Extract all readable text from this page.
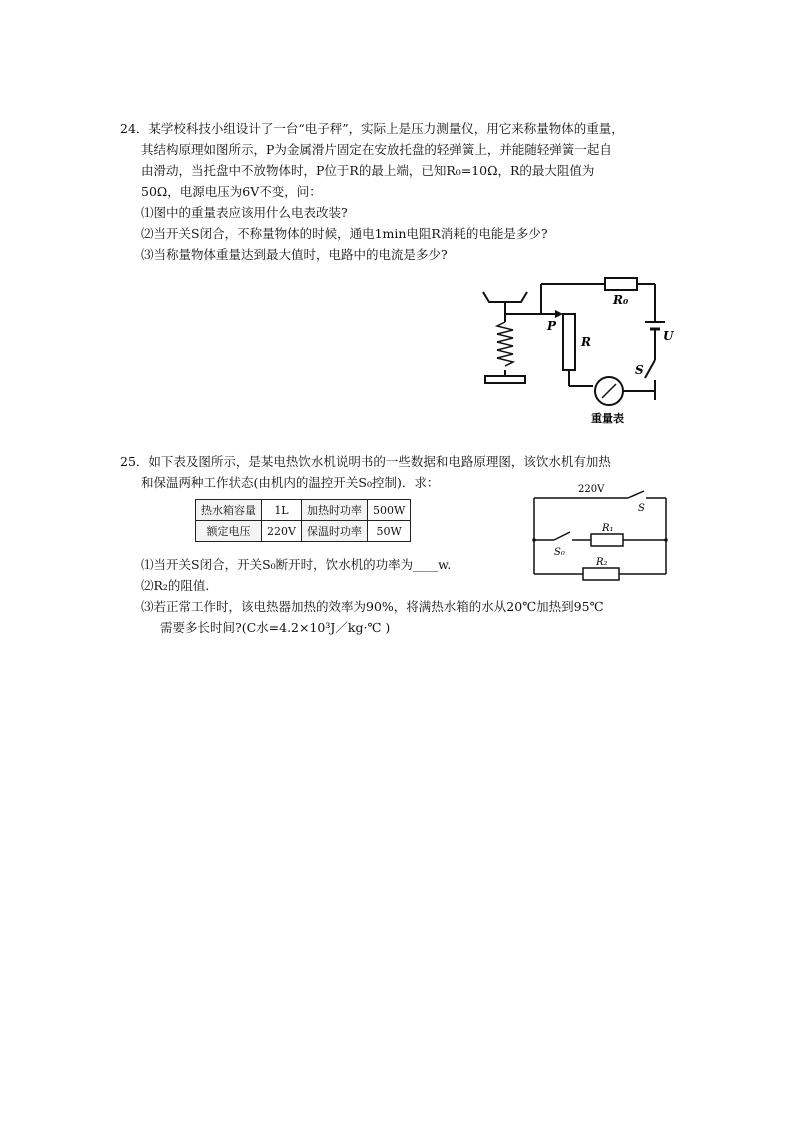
24．某学校科技小组设计了一台“电子秤”，实际上是压力测量仪，用它来称量物体的重量，
其结构原理如图所示，P为金属滑片固定在安放托盘的轻弹簧上，并能随轻弹簧一起自
由滑动，当托盘中不放物体时，P位于R的最上端，已知R₀=10Ω，R的最大阻值为
50Ω，电源电压为6V不变，问：
⑴图中的重量表应该用什么电表改装?
⑵当开关S闭合，不称量物体的时候，通电1min电阻R消耗的电能是多少?
⑶当称量物体重量达到最大值时，电路中的电流是多少?
R₀
U
P
R
S
重量表
25．如下表及图所示，是某电热饮水机说明书的一些数据和电路原理图，该饮水机有加热
和保温两种工作状态(由机内的温控开关S₀控制)．求：
热水箱容量	1L	加热时功率	500W
额定电压	220V	保温时功率	50W
⑴当开关S闭合，开关S₀断开时，饮水机的功率为____w.
⑵R₂的阻值．
⑶若正常工作时，该电热器加热的效率为90%，将满热水箱的水从20℃加热到95℃
需要多长时间?(C水=4.2×10³J／kg·℃ )
220V
S
S₀
R₁
R₂
